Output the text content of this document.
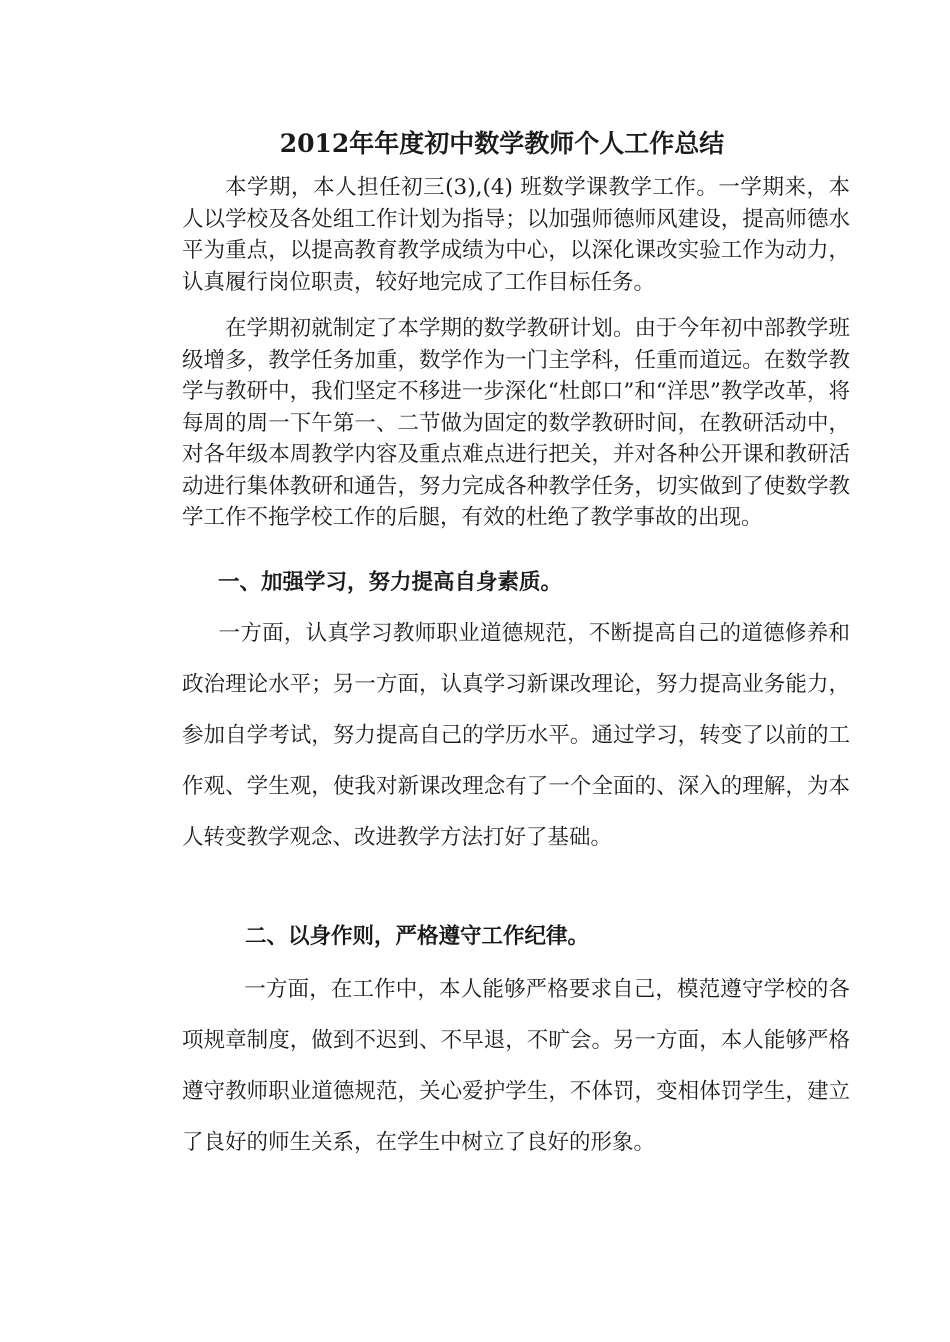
2012年年度初中数学教师个人工作总结

本学期，本人担任初三(3),(4) 班数学课教学工作。一学期来，本人以学校及各处组工作计划为指导；以加强师德师风建设，提高师德水平为重点，以提高教育教学成绩为中心，以深化课改实验工作为动力，认真履行岗位职责，较好地完成了工作目标任务。

在学期初就制定了本学期的数学教研计划。由于今年初中部教学班级增多，教学任务加重，数学作为一门主学科，任重而道远。在数学教学与教研中，我们坚定不移进一步深化“杜郎口”和“洋思”教学改革，将每周的周一下午第一、二节做为固定的数学教研时间，在教研活动中，对各年级本周教学内容及重点难点进行把关，并对各种公开课和教研活动进行集体教研和通告，努力完成各种教学任务，切实做到了使数学教学工作不拖学校工作的后腿，有效的杜绝了教学事故的出现。

一、加强学习，努力提高自身素质。

一方面，认真学习教师职业道德规范，不断提高自己的道德修养和政治理论水平；另一方面，认真学习新课改理论，努力提高业务能力，参加自学考试，努力提高自己的学历水平。通过学习，转变了以前的工作观、学生观，使我对新课改理念有了一个全面的、深入的理解，为本人转变教学观念、改进教学方法打好了基础。

二、以身作则，严格遵守工作纪律。

一方面，在工作中，本人能够严格要求自己，模范遵守学校的各项规章制度，做到不迟到、不早退，不旷会。另一方面，本人能够严格遵守教师职业道德规范，关心爱护学生，不体罚，变相体罚学生，建立了良好的师生关系，在学生中树立了良好的形象。
